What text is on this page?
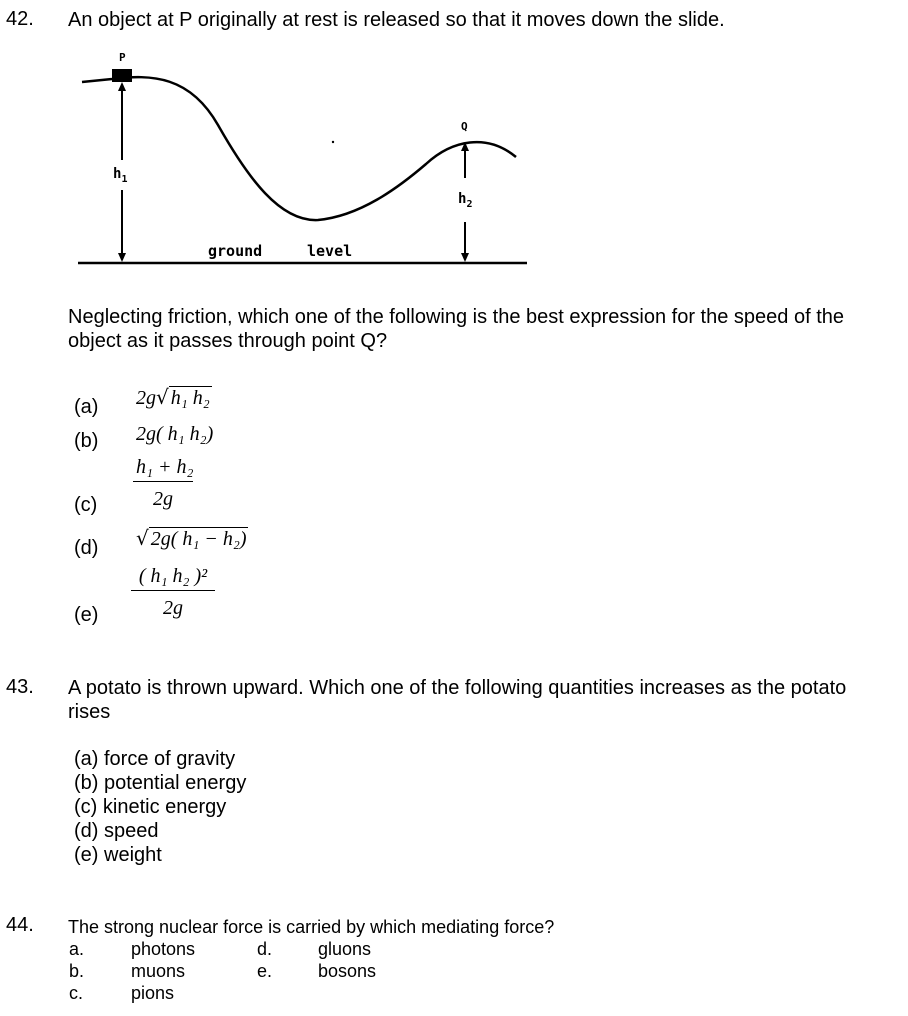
42. An object at P originally at rest is released so that it moves down the slide.
P
Q
$h_1$
$h_2$
ground	level
Neglecting friction, which one of the following is the best expression for the speed of the object as it passes through point Q?
(a) 2g√ h₁ h₂
(b) 2g( h₁ h₂)
$(c) \frac{\text{h₁ + h₂}}{2g}$
(d) √ 2g( h₁ − h₂)
$(e) \frac{\text{( h₁ h₂ )²}}{2g}$
43. A potato is thrown upward. Which one of the following quantities increases as the potato
rises
(a) force of gravity
(b) potential energy
(c) kinetic energy
(d) speed
(e) weight
44. The strong nuclear force is carried by which mediating force?
a.	photons
b.	muons
c.	pions
d.	gluons
e.	bosons
